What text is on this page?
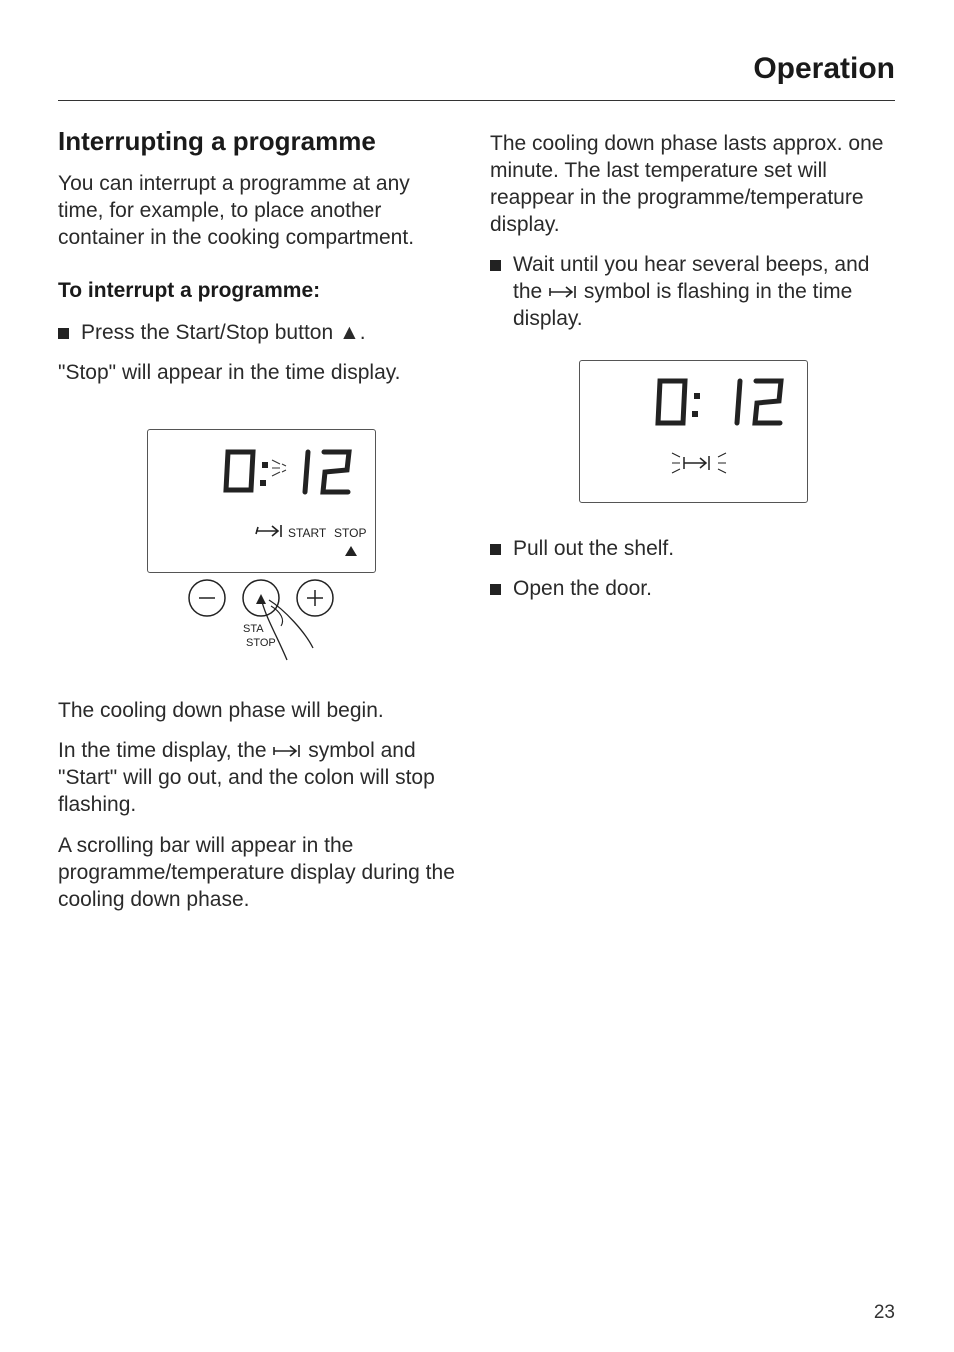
Operation
Interrupting a programme

You can interrupt a programme at any time, for example, to place another container in the cooking compartment.

To interrupt a programme:
Press the Start/Stop button ▲.

"Stop" will appear in the time display.

START STOP
STA
STOP

The cooling down phase will begin.

In the time display, the symbol and "Start" will go out, and the colon will stop flashing.

A scrolling bar will appear in the programme/temperature display during the cooling down phase.

The cooling down phase lasts approx. one minute. The last temperature set will reappear in the programme/temperature display.

Wait until you hear several beeps, and the symbol is flashing in the time display.
Pull out the shelf.
Open the door.
23
